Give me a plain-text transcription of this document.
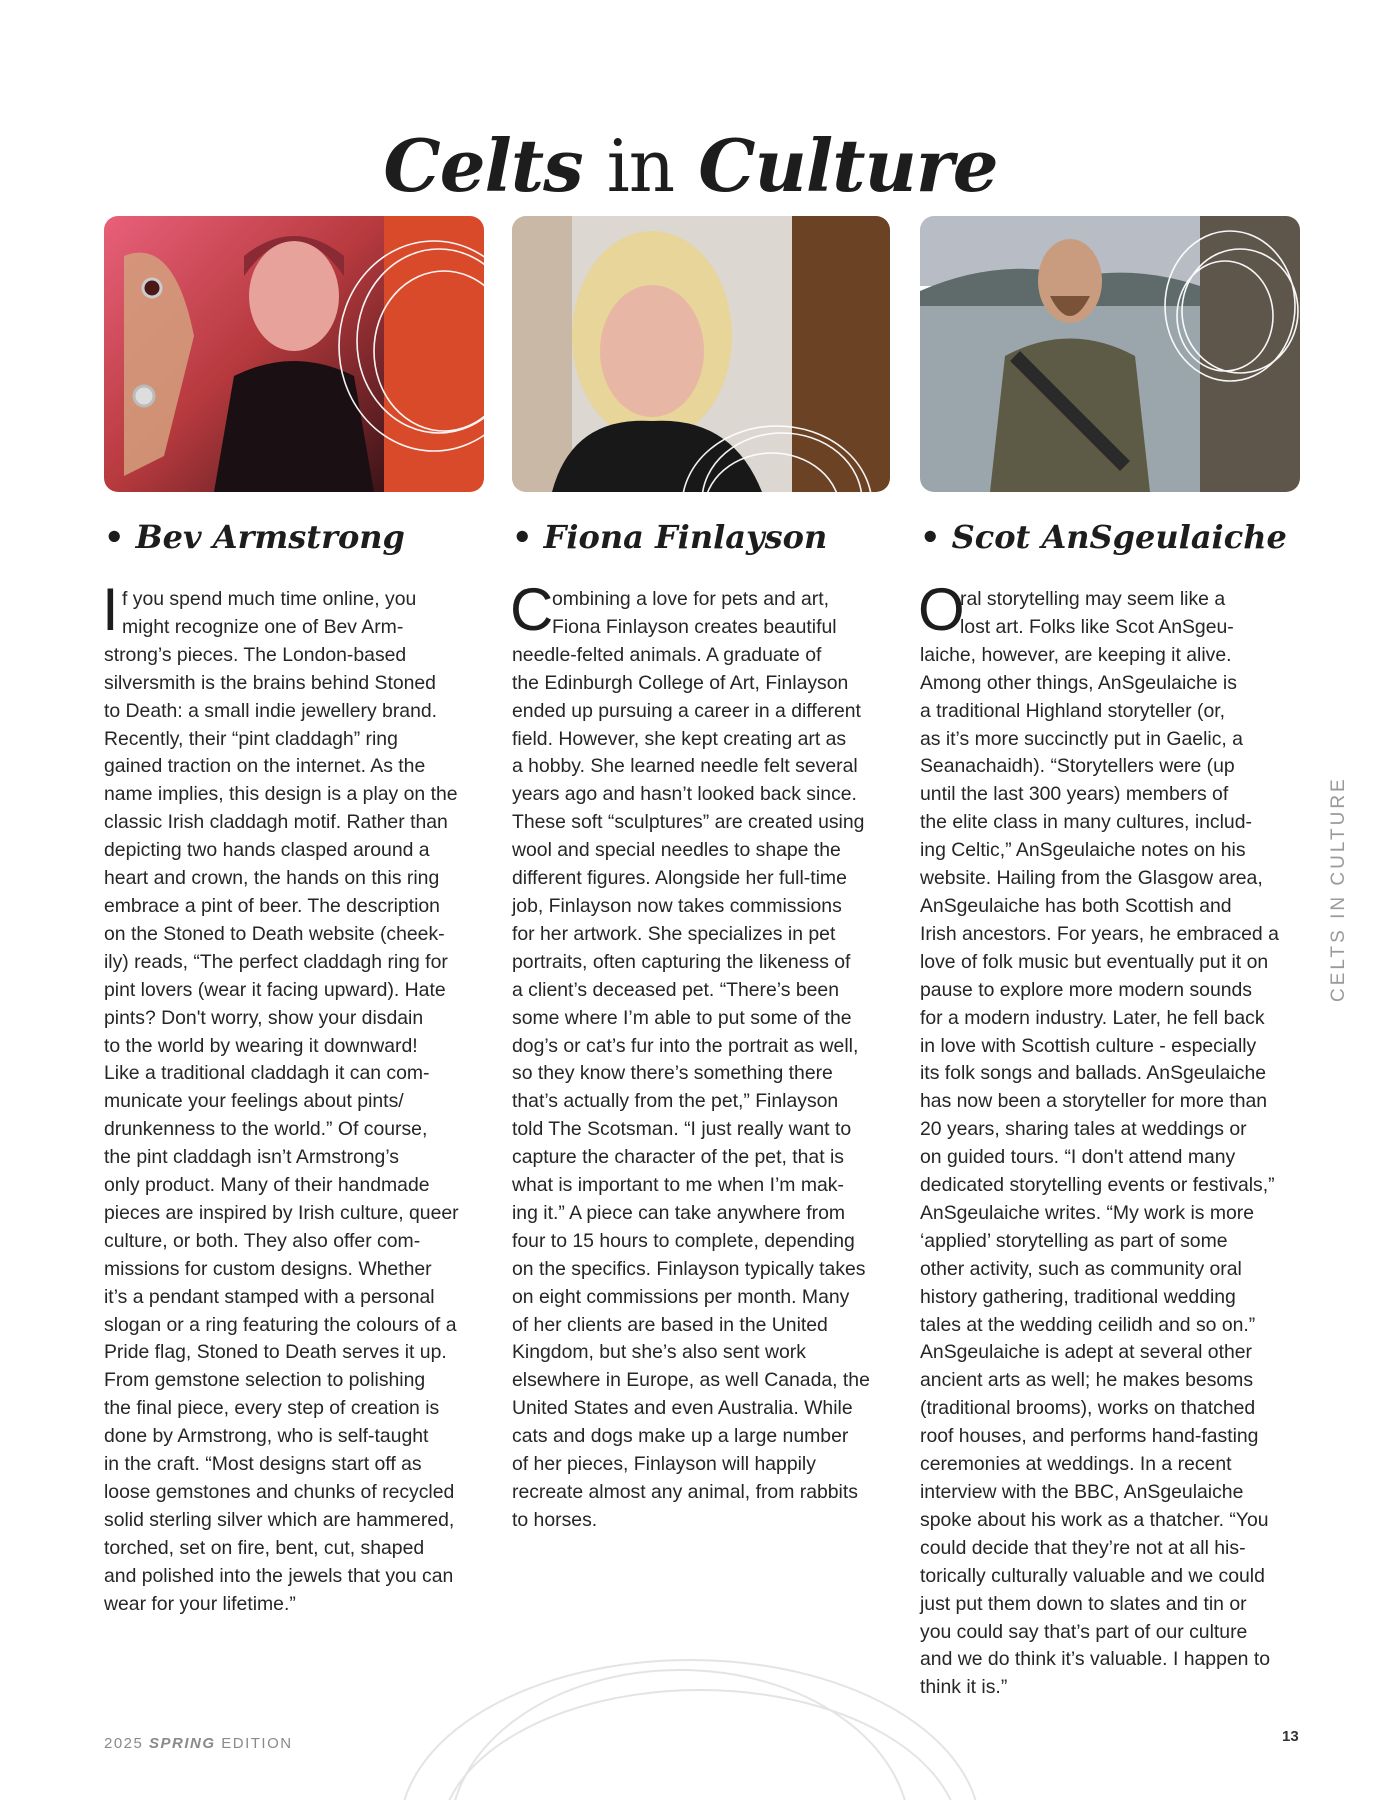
Celts in Culture
• Bev Armstrong	• Fiona Finlayson	• Scot AnSgeulaiche
I f you spend much time online, you
might recognize one of Bev Arm-
strong’s pieces. The London-based
silversmith is the brains behind Stoned
to Death: a small indie jewellery brand.
Recently, their “pint claddagh” ring
gained traction on the internet. As the
name implies, this design is a play on the
classic Irish claddagh motif. Rather than
depicting two hands clasped around a
heart and crown, the hands on this ring
embrace a pint of beer. The description
on the Stoned to Death website (cheek-
ily) reads, “The perfect claddagh ring for
pint lovers (wear it facing upward). Hate
pints? Don't worry, show your disdain
to the world by wearing it downward!
Like a traditional claddagh it can com-
municate your feelings about pints/
drunkenness to the world.” Of course,
the pint claddagh isn’t Armstrong’s
only product. Many of their handmade
pieces are inspired by Irish culture, queer
culture, or both. They also offer com-
missions for custom designs. Whether
it’s a pendant stamped with a personal
slogan or a ring featuring the colours of a
Pride flag, Stoned to Death serves it up.
From gemstone selection to polishing
the final piece, every step of creation is
done by Armstrong, who is self-taught
in the craft. “Most designs start off as
loose gemstones and chunks of recycled
solid sterling silver which are hammered,
torched, set on fire, bent, cut, shaped
and polished into the jewels that you can
wear for your lifetime.”
C
ombining a love for pets and art,
Fiona Finlayson creates beautiful
needle-felted animals. A graduate of
the Edinburgh College of Art, Finlayson
ended up pursuing a career in a different
field. However, she kept creating art as
a hobby. She learned needle felt several
years ago and hasn’t looked back since.
These soft “sculptures” are created using
wool and special needles to shape the
different figures. Alongside her full-time
job, Finlayson now takes commissions
for her artwork. She specializes in pet
portraits, often capturing the likeness of
a client’s deceased pet. “There’s been
some where I’m able to put some of the
dog’s or cat’s fur into the portrait as well,
so they know there’s something there
that’s actually from the pet,” Finlayson
told The Scotsman. “I just really want to
capture the character of the pet, that is
what is important to me when I’m mak-
ing it.” A piece can take anywhere from
four to 15 hours to complete, depending
on the specifics. Finlayson typically takes
on eight commissions per month. Many
of her clients are based in the United
Kingdom, but she’s also sent work
elsewhere in Europe, as well Canada, the
United States and even Australia. While
cats and dogs make up a large number
of her pieces, Finlayson will happily
recreate almost any animal, from rabbits
to horses.
O
ral storytelling may seem like a
lost art. Folks like Scot AnSgeu-
laiche, however, are keeping it alive.
Among other things, AnSgeulaiche is
a traditional Highland storyteller (or,
as it’s more succinctly put in Gaelic, a
Seanachaidh). “Storytellers were (up
until the last 300 years) members of
the elite class in many cultures, includ-
ing Celtic,” AnSgeulaiche notes on his
website. Hailing from the Glasgow area,
AnSgeulaiche has both Scottish and
Irish ancestors. For years, he embraced a
love of folk music but eventually put it on
pause to explore more modern sounds
for a modern industry. Later, he fell back
in love with Scottish culture - especially
its folk songs and ballads. AnSgeulaiche
has now been a storyteller for more than
20 years, sharing tales at weddings or
on guided tours. “I don't attend many
dedicated storytelling events or festivals,”
AnSgeulaiche writes. “My work is more
‘applied’ storytelling as part of some
other activity, such as community oral
history gathering, traditional wedding
tales at the wedding ceilidh and so on.”
AnSgeulaiche is adept at several other
ancient arts as well; he makes besoms
(traditional brooms), works on thatched
roof houses, and performs hand-fasting
ceremonies at weddings. In a recent
interview with the BBC, AnSgeulaiche
spoke about his work as a thatcher. “You
could decide that they’re not at all his-
torically culturally valuable and we could
just put them down to slates and tin or
you could say that’s part of our culture
and we do think it’s valuable. I happen to
think it is.”
CELTS IN CULTURE
2025 SPRING EDITION	13
